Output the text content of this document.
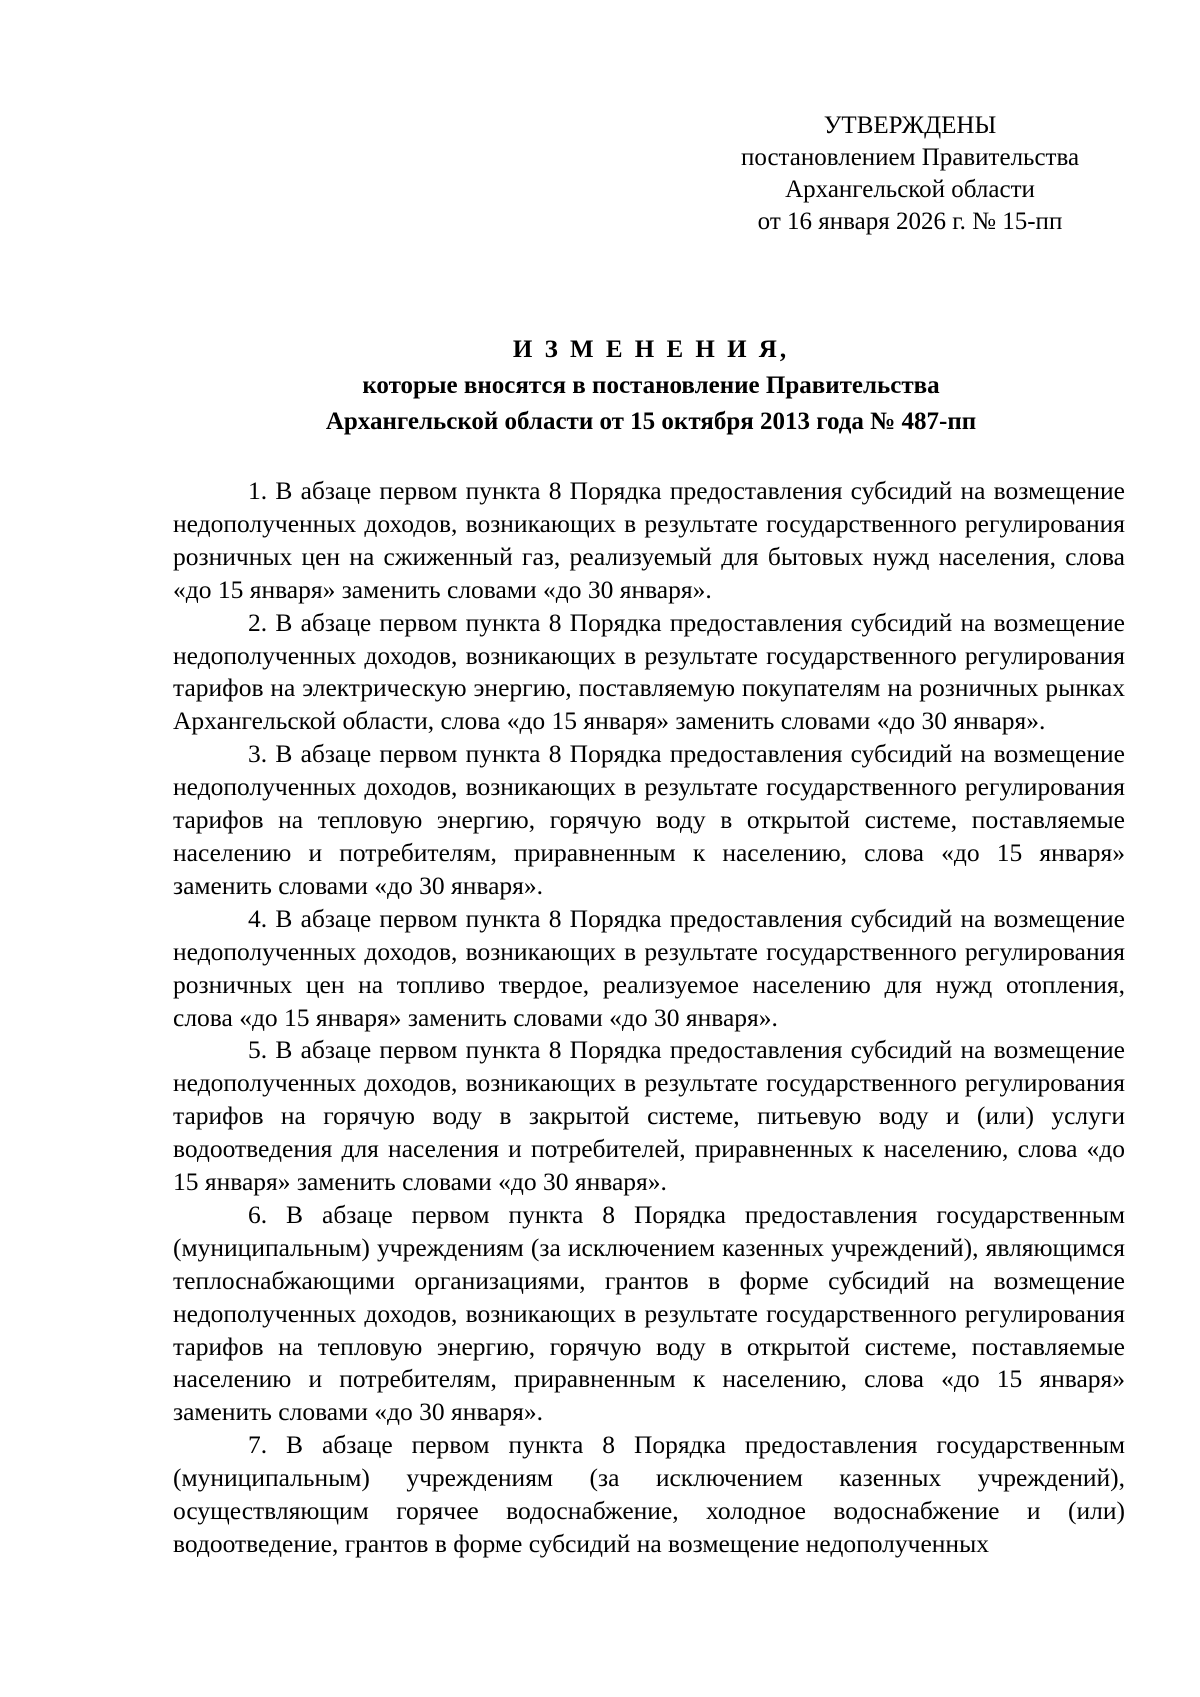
УТВЕРЖДЕНЫ
постановлением Правительства
Архангельской области
от 16 января 2026 г. № 15-пп
И З М Е Н Е Н И Я,
которые вносятся в постановление Правительства
Архангельской области от 15 октября 2013 года № 487-пп

1. В абзаце первом пункта 8 Порядка предоставления субсидий на возмещение недополученных доходов, возникающих в результате государственного регулирования розничных цен на сжиженный газ, реализуемый для бытовых нужд населения, слова «до 15 января» заменить словами «до 30 января».

2. В абзаце первом пункта 8 Порядка предоставления субсидий на возмещение недополученных доходов, возникающих в результате государственного регулирования тарифов на электрическую энергию, поставляемую покупателям на розничных рынках Архангельской области, слова «до 15 января» заменить словами «до 30 января».

3. В абзаце первом пункта 8 Порядка предоставления субсидий на возмещение недополученных доходов, возникающих в результате государственного регулирования тарифов на тепловую энергию, горячую воду в открытой системе, поставляемые населению и потребителям, приравненным к населению, слова «до 15 января» заменить словами «до 30 января».

4. В абзаце первом пункта 8 Порядка предоставления субсидий на возмещение недополученных доходов, возникающих в результате государственного регулирования розничных цен на топливо твердое, реализуемое населению для нужд отопления, слова «до 15 января» заменить словами «до 30 января».

5. В абзаце первом пункта 8 Порядка предоставления субсидий на возмещение недополученных доходов, возникающих в результате государственного регулирования тарифов на горячую воду в закрытой системе, питьевую воду и (или) услуги водоотведения для населения и потребителей, приравненных к населению, слова «до 15 января» заменить словами «до 30 января».

6. В абзаце первом пункта 8 Порядка предоставления государственным (муниципальным) учреждениям (за исключением казенных учреждений), являющимся теплоснабжающими организациями, грантов в форме субсидий на возмещение недополученных доходов, возникающих в результате государственного регулирования тарифов на тепловую энергию, горячую воду в открытой системе, поставляемые населению и потребителям, приравненным к населению, слова «до 15 января» заменить словами «до 30 января».

7. В абзаце первом пункта 8 Порядка предоставления государственным (муниципальным) учреждениям (за исключением казенных учреждений), осуществляющим горячее водоснабжение, холодное водоснабжение и (или) водоотведение, грантов в форме субсидий на возмещение недополученных
